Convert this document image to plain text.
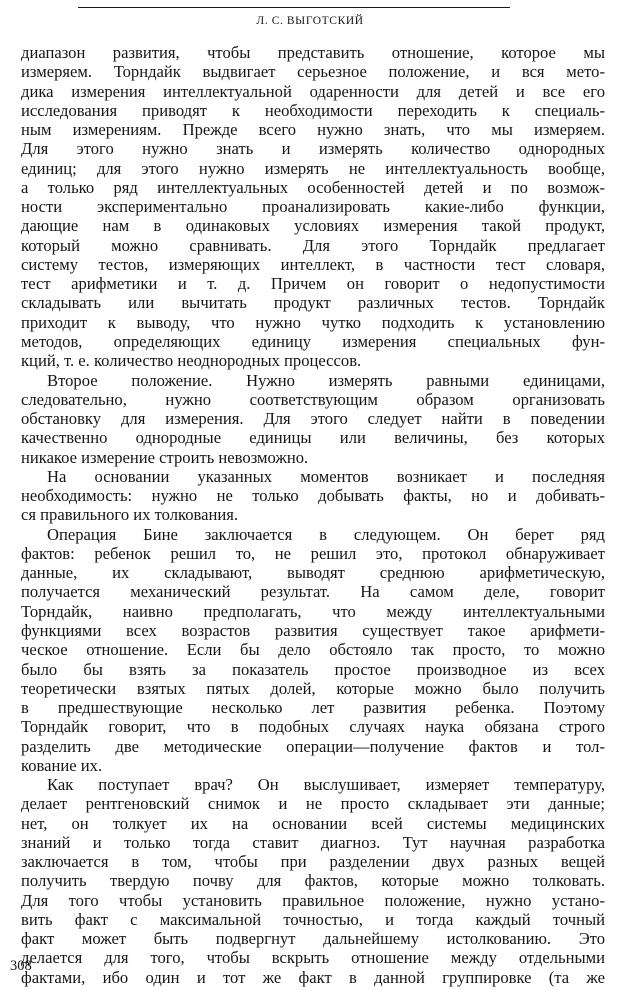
Л. С. ВЫГОТСКИЙ
диапазон развития, чтобы представить отношение, которое мы
измеряем. Торндайк выдвигает серьезное положение, и вся мето-
дика измерения интеллектуальной одаренности для детей и все его
исследования приводят к необходимости переходить к специаль-
ным измерениям. Прежде всего нужно знать, что мы измеряем.
Для этого нужно знать и измерять количество однородных
единиц; для этого нужно измерять не интеллектуальность вообще,
а только ряд интеллектуальных особенностей детей и по возмож-
ности экспериментально проанализировать какие-либо функции,
дающие нам в одинаковых условиях измерения такой продукт,
который можно сравнивать. Для этого Торндайк предлагает
систему тестов, измеряющих интеллект, в частности тест словаря,
тест арифметики и т. д. Причем он говорит о недопустимости
складывать или вычитать продукт различных тестов. Торндайк
приходит к выводу, что нужно чутко подходить к установлению
методов, определяющих единицу измерения специальных фун-
кций, т. е. количество неоднородных процессов.
Второе положение. Нужно измерять равными единицами,
следовательно, нужно соответствующим образом организовать
обстановку для измерения. Для этого следует найти в поведении
качественно однородные единицы или величины, без которых
никакое измерение строить невозможно.
На основании указанных моментов возникает и последняя
необходимость: нужно не только добывать факты, но и добивать-
ся правильного их толкования.
Операция Бине заключается в следующем. Он берет ряд
фактов: ребенок решил то, не решил это, протокол обнаруживает
данные, их складывают, выводят среднюю арифметическую,
получается механический результат. На самом деле, говорит
Торндайк, наивно предполагать, что между интеллектуальными
функциями всех возрастов развития существует такое арифмети-
ческое отношение. Если бы дело обстояло так просто, то можно
было бы взять за показатель простое производное из всех
теоретически взятых пятых долей, которые можно было получить
в предшествующие несколько лет развития ребенка. Поэтому
Торндайк говорит, что в подобных случаях наука обязана строго
разделить две методические операции—получение фактов и тол-
кование их.
Как поступает врач? Он выслушивает, измеряет температуру,
делает рентгеновский снимок и не просто складывает эти данные;
нет, он толкует их на основании всей системы медицинских
знаний и только тогда ставит диагноз. Тут научная разработка
заключается в том, чтобы при разделении двух разных вещей
получить твердую почву для фактов, которые можно толковать.
Для того чтобы установить правильное положение, нужно устано-
вить факт с максимальной точностью, и тогда каждый точный
факт может быть подвергнут дальнейшему истолкованию. Это
делается для того, чтобы вскрыть отношение между отдельными
фактами, ибо один и тот же факт в данной группировке (та же
308
